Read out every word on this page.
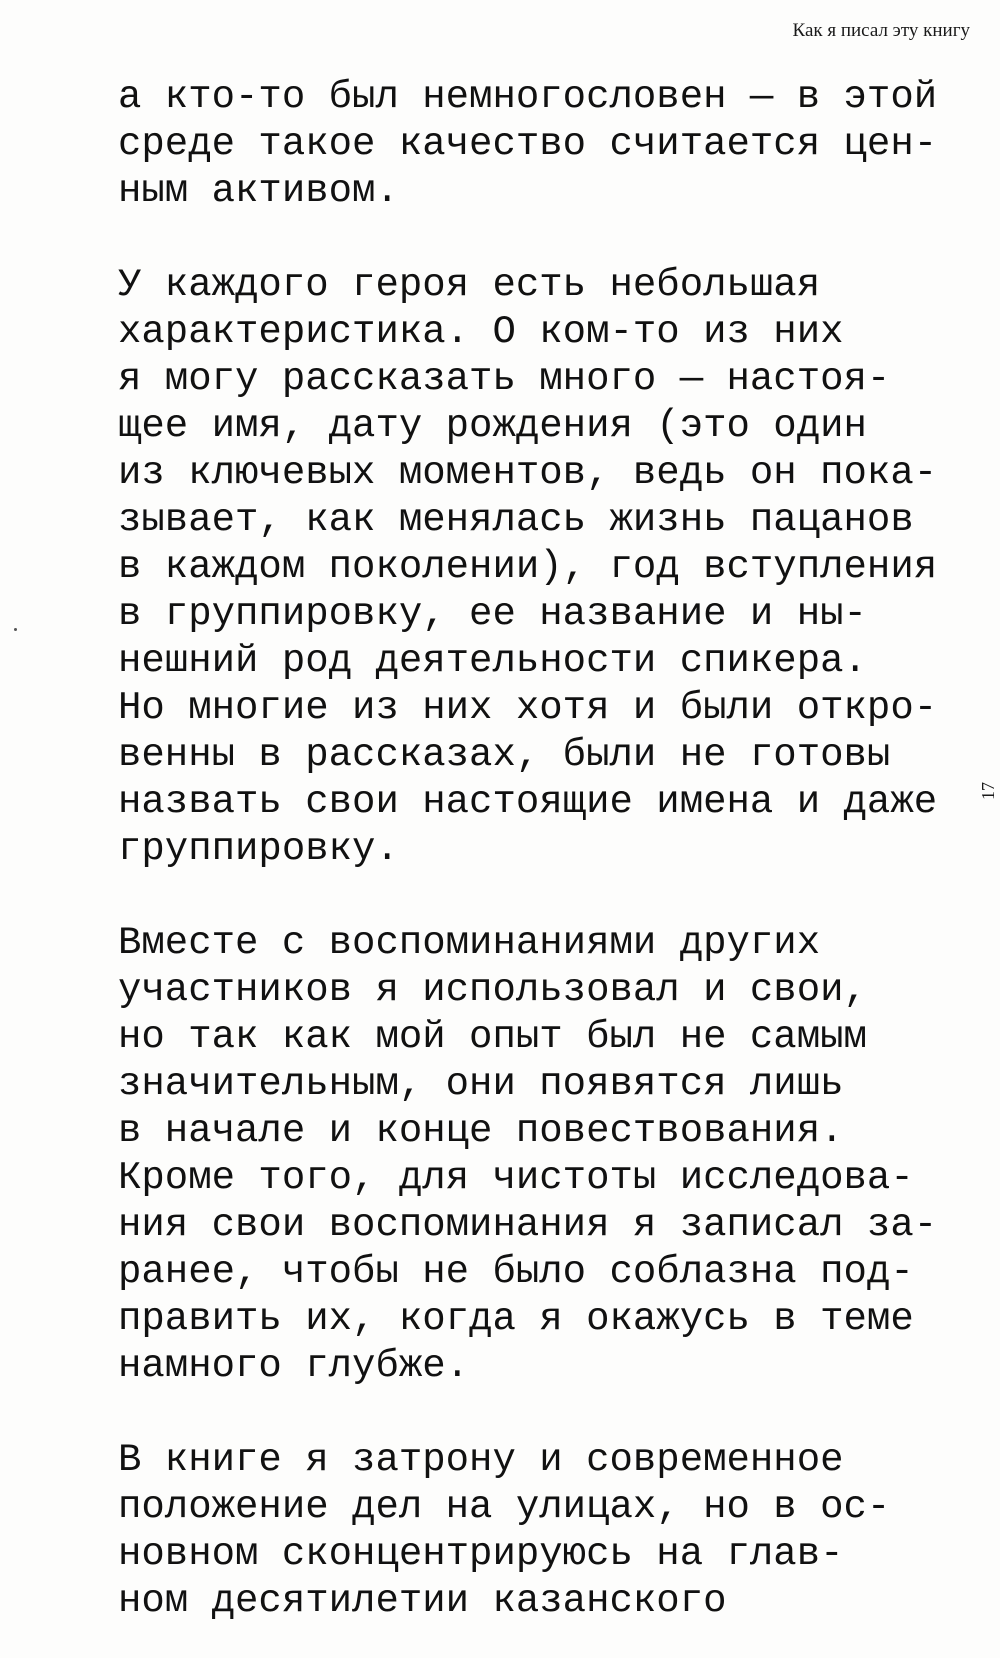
Как я писал эту книгу

а кто-то был немногословен — в этой
среде такое качество считается цен-
ным активом.

У каждого героя есть небольшая
характеристика. О ком-то из них
я могу рассказать много — настоя-
щее имя, дату рождения (это один
из ключевых моментов, ведь он пока-
зывает, как менялась жизнь пацанов
в каждом поколении), год вступления
в группировку, ее название и ны-
нешний род деятельности спикера.
Но многие из них хотя и были откро-
венны в рассказах, были не готовы
назвать свои настоящие имена и даже
группировку.

Вместе с воспоминаниями других
участников я использовал и свои,
но так как мой опыт был не самым
значительным, они появятся лишь
в начале и конце повествования.
Кроме того, для чистоты исследова-
ния свои воспоминания я записал за-
ранее, чтобы не было соблазна под-
править их, когда я окажусь в теме
намного глубже.

В книге я затрону и современное
положение дел на улицах, но в ос-
новном сконцентрируюсь на глав-
ном десятилетии казанского

17
